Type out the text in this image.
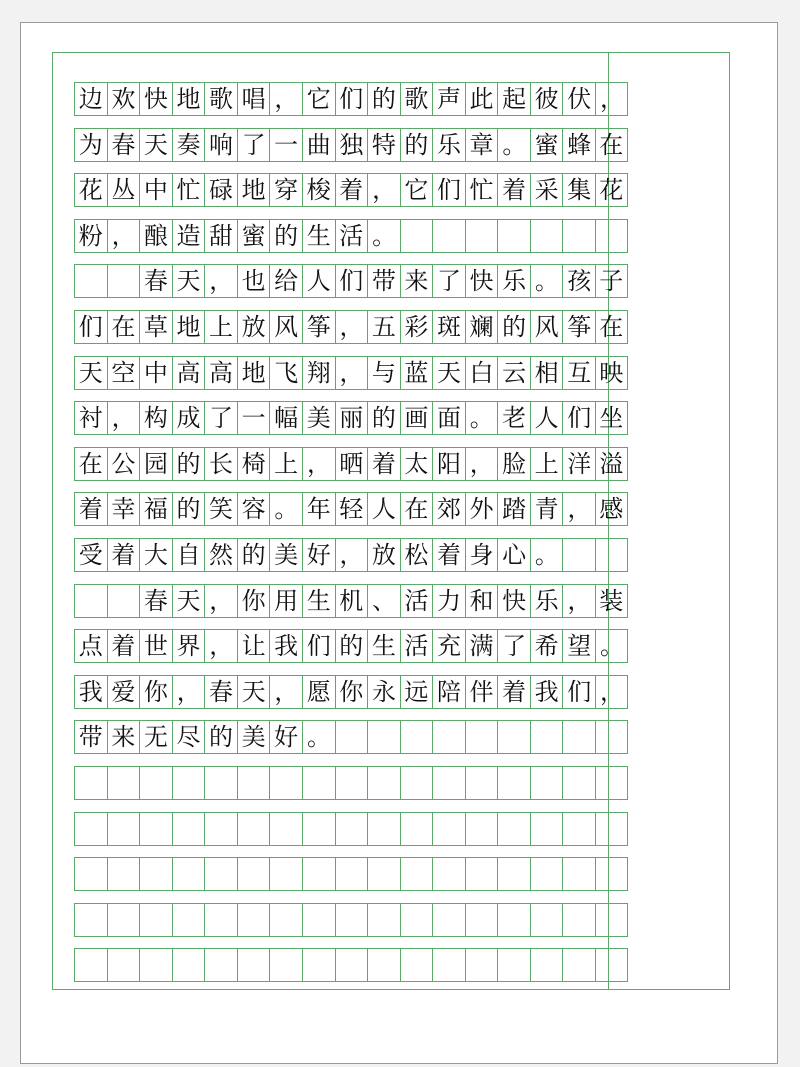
边 欢 快 地 歌 唱 ， 它 们 的 歌 声 此 起 彼 伏 ，
为 春 天 奏 响 了 一 曲 独 特 的 乐 章 。 蜜 蜂 在
花 丛 中 忙 碌 地 穿 梭 着 ， 它 们 忙 着 采 集 花
粉 ， 酿 造 甜 蜜 的 生 活 。
春 天 ， 也 给 人 们 带 来 了 快 乐 。 孩 子
们 在 草 地 上 放 风 筝 ， 五 彩 斑 斓 的 风 筝 在
天 空 中 高 高 地 飞 翔 ， 与 蓝 天 白 云 相 互 映
衬 ， 构 成 了 一 幅 美 丽 的 画 面 。 老 人 们 坐
在 公 园 的 长 椅 上 ， 晒 着 太 阳 ， 脸 上 洋 溢
着 幸 福 的 笑 容 。 年 轻 人 在 郊 外 踏 青 ， 感
受 着 大 自 然 的 美 好 ， 放 松 着 身 心 。
春 天 ， 你 用 生 机 、 活 力 和 快 乐 ， 装
点 着 世 界 ， 让 我 们 的 生 活 充 满 了 希 望 。
我 爱 你 ， 春 天 ， 愿 你 永 远 陪 伴 着 我 们 ，
带 来 无 尽 的 美 好 。
